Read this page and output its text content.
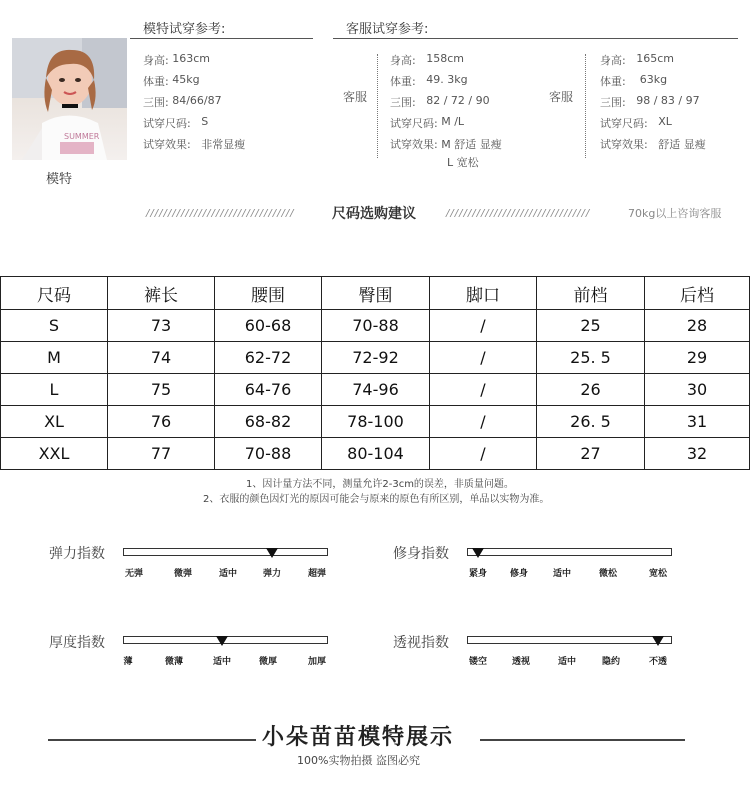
模特试穿参考:
SUMMER
模特
身高:
163cm
体重:
45kg
三围:
84/66/87
试穿尺码:
S
试穿效果:
非常显瘦
客服试穿参考:
客服
身高:
158cm
体重:
49. 3kg
三围:
82 / 72 / 90
试穿尺码:
M /L
试穿效果:
M 舒适 显瘦
L 宽松
客服
身高:
165cm
体重:
63kg
三围:
98 / 83 / 97
试穿尺码:
XL
试穿效果:
舒适 显瘦
//////////////////////////////////	尺码选购建议	/////////////////////////////////	70kg以上咨询客服
尺码	裤长	腰围	臀围	脚口	前档	后档
S	73	60-68	70-88	/	25	28
M	74	62-72	72-92	/	25. 5	29
L	75	64-76	74-96	/	26	30
XL	76	68-82	78-100	/	26. 5	31
XXL	77	70-88	80-104	/	27	32
1、因计量方法不同，测量允许2-3cm的误差，非质量问题。
2、衣服的颜色因灯光的原因可能会与原来的原色有所区别，单品以实物为准。
弹力指数
无弹	微弹	适中	弹力	超弹
修身指数
紧身	修身	适中	微松	宽松
厚度指数
薄	微薄	适中	微厚	加厚
透视指数
镂空	透视	适中	隐约	不透
小朵苗苗模特展示
100%实物拍摄 盗图必究
